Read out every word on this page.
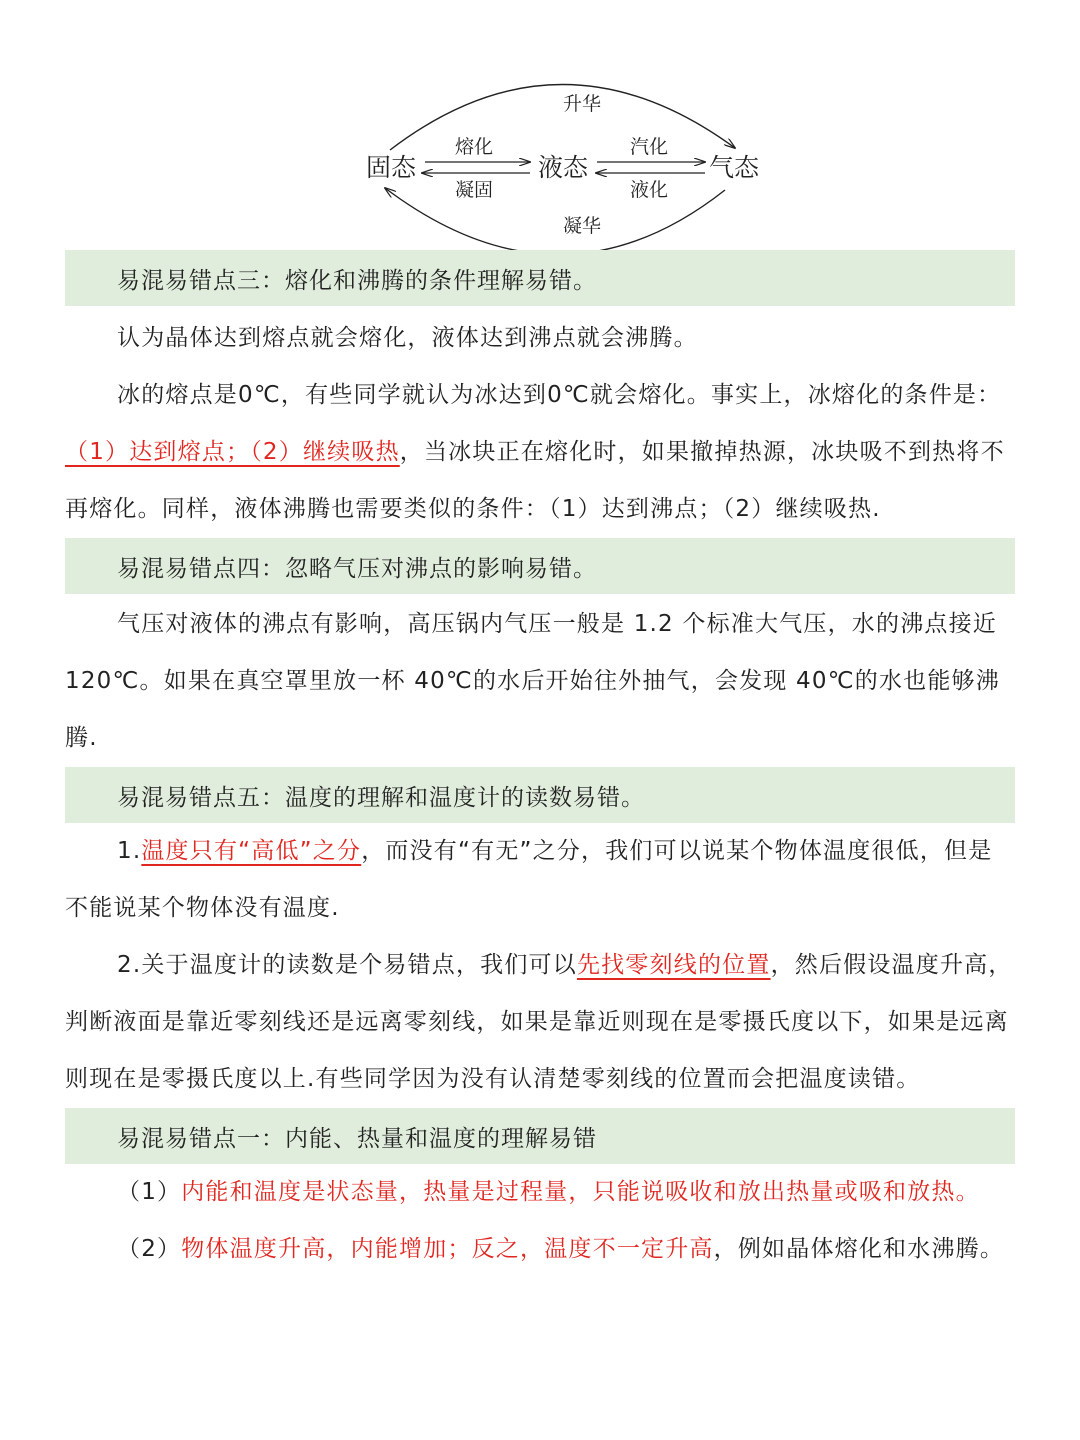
固态	液态	气态
升华
熔化
凝固
汽化
液化
凝华
易混易错点三：熔化和沸腾的条件理解易错。

认为晶体达到熔点就会熔化，液体达到沸点就会沸腾。

冰的熔点是0℃，有些同学就认为冰达到0℃就会熔化。事实上，冰熔化的条件是：（1）达到熔点；（2）继续吸热，当冰块正在熔化时，如果撤掉热源，冰块吸不到热将不再熔化。同样，液体沸腾也需要类似的条件：（1）达到沸点；（2）继续吸热.

易混易错点四：忽略气压对沸点的影响易错。

气压对液体的沸点有影响，高压锅内气压一般是 1.2 个标准大气压，水的沸点接近 120℃。如果在真空罩里放一杯 40℃的水后开始往外抽气，会发现 40℃的水也能够沸腾.

易混易错点五：温度的理解和温度计的读数易错。

1.温度只有“高低”之分，而没有“有无”之分，我们可以说某个物体温度很低，但是不能说某个物体没有温度.

2.关于温度计的读数是个易错点，我们可以先找零刻线的位置，然后假设温度升高，判断液面是靠近零刻线还是远离零刻线，如果是靠近则现在是零摄氏度以下，如果是远离则现在是零摄氏度以上.有些同学因为没有认清楚零刻线的位置而会把温度读错。

易混易错点一：内能、热量和温度的理解易错

（1）内能和温度是状态量，热量是过程量，只能说吸收和放出热量或吸和放热。

（2）物体温度升高，内能增加；反之，温度不一定升高，例如晶体熔化和水沸腾。
